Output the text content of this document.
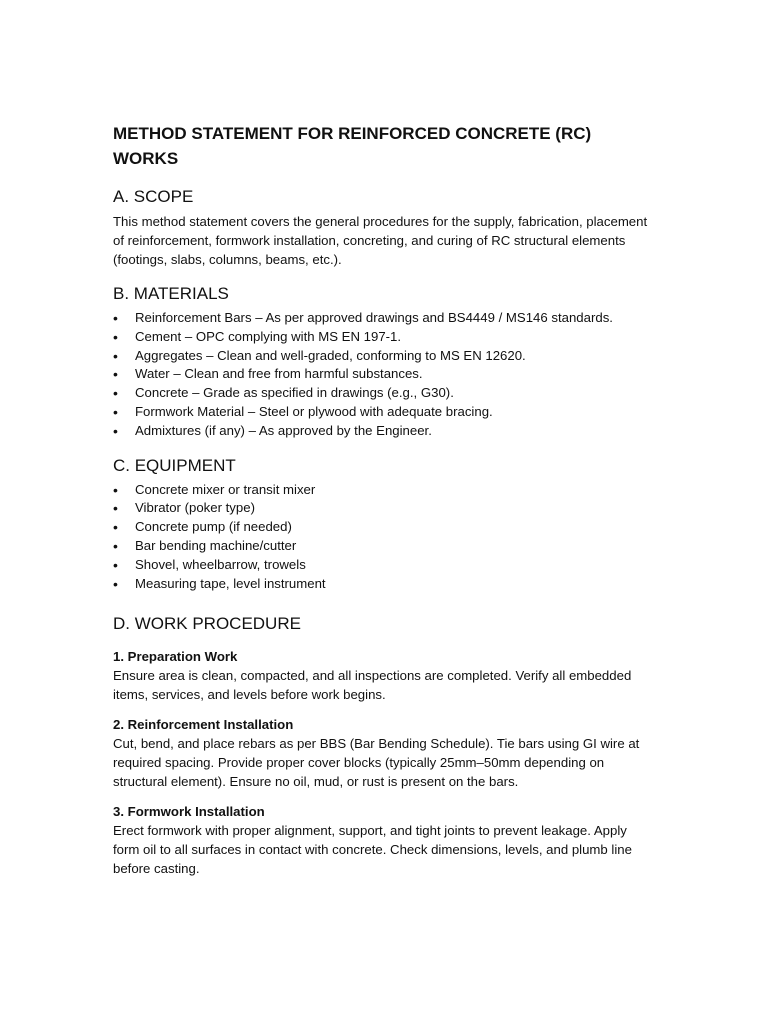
METHOD STATEMENT FOR REINFORCED CONCRETE (RC) WORKS
A. SCOPE

This method statement covers the general procedures for the supply, fabrication, placement of reinforcement, formwork installation, concreting, and curing of RC structural elements (footings, slabs, columns, beams, etc.).

B. MATERIALS
• Reinforcement Bars – As per approved drawings and BS4449 / MS146 standards.
• Cement – OPC complying with MS EN 197-1.
• Aggregates – Clean and well-graded, conforming to MS EN 12620.
• Water – Clean and free from harmful substances.
• Concrete – Grade as specified in drawings (e.g., G30).
• Formwork Material – Steel or plywood with adequate bracing.
• Admixtures (if any) – As approved by the Engineer.
C. EQUIPMENT
• Concrete mixer or transit mixer
• Vibrator (poker type)
• Concrete pump (if needed)
• Bar bending machine/cutter
• Shovel, wheelbarrow, trowels
• Measuring tape, level instrument
D. WORK PROCEDURE
1. Preparation Work

Ensure area is clean, compacted, and all inspections are completed. Verify all embedded items, services, and levels before work begins.

2. Reinforcement Installation

Cut, bend, and place rebars as per BBS (Bar Bending Schedule). Tie bars using GI wire at required spacing. Provide proper cover blocks (typically 25mm–50mm depending on structural element). Ensure no oil, mud, or rust is present on the bars.

3. Formwork Installation

Erect formwork with proper alignment, support, and tight joints to prevent leakage. Apply form oil to all surfaces in contact with concrete. Check dimensions, levels, and plumb line before casting.
